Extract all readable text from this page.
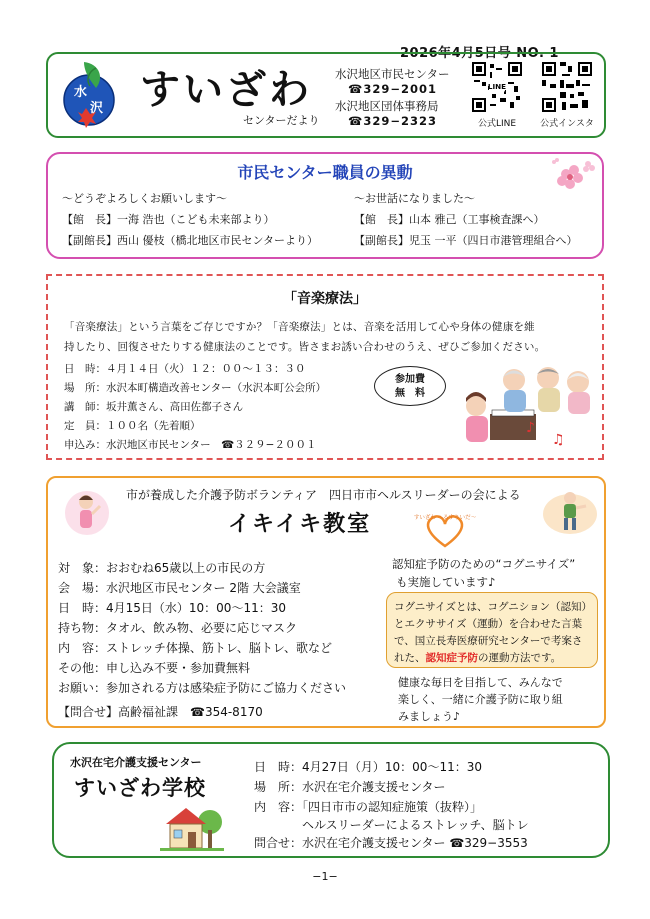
2026年4月5日号 NO. 1
水
沢 すいざわ
センターだより
水沢地区市民センター
☎329−2001
水沢地区団体事務局
☎329−2323
LINE
公式LINE	公式インスタ
市民センター職員の異動
〜どうぞよろしくお願いします〜
【館　長】一海 浩也（こども未来部より）
【副館長】西山 優枝（橋北地区市民センターより）
〜お世話になりました〜
【館　長】山本 雅己（工事検査課へ）
【副館長】児玉 一平（四日市港管理組合へ）
「音楽療法」
「音楽療法」という言葉をご存じですか？「音楽療法」とは、音楽を活用して心や身体の健康を維
持したり、回復させたりする健康法のことです。皆さまお誘い合わせのうえ、ぜひご参加ください。
日　時：４月１４日（火）１２：００〜１３：３０
場　所：水沢本町構造改善センター（水沢本町公会所）
講　師：坂井薫さん、高田佐都子さん
定　員：１００名（先着順）
申込み：水沢地区市民センター　☎３２９−２００１
参加費
無　料
♪
♫
市が養成した介護予防ボランティア　四日市市ヘルスリーダーの会による
イキイキ教室	すいざわ へるすりいだ〜
対　象：おおむね65歳以上の市民の方
会　場：水沢地区市民センター 2階 大会議室
日　時：4月15日（水）10：00〜11：30
持ち物：タオル、飲み物、必要に応じマスク
内　容：ストレッチ体操、筋トレ、脳トレ、歌など
その他：申し込み不要・参加費無料
お願い：参加される方は感染症予防にご協力ください
【問合せ】高齢福祉課　☎354-8170
認知症予防のための“コグニサイズ”
も実施しています♪
コグニサイズとは、コグニション（認知）
とエクササイズ（運動）を合わせた言葉
で、国立長寿医療研究センターで考案さ
れた、認知症予防の運動方法です。
健康な毎日を目指して、みんなで
楽しく、一緒に介護予防に取り組
みましょう♪
水沢在宅介護支援センター
すいざわ学校
日　時：4月27日（月）10：00〜11：30
場　所：水沢在宅介護支援センター
内　容：「四日市市の認知症施策（抜粋）」
　　　　ヘルスリーダーによるストレッチ、脳トレ
問合せ：水沢在宅介護支援センター ☎329−3553
−1−
